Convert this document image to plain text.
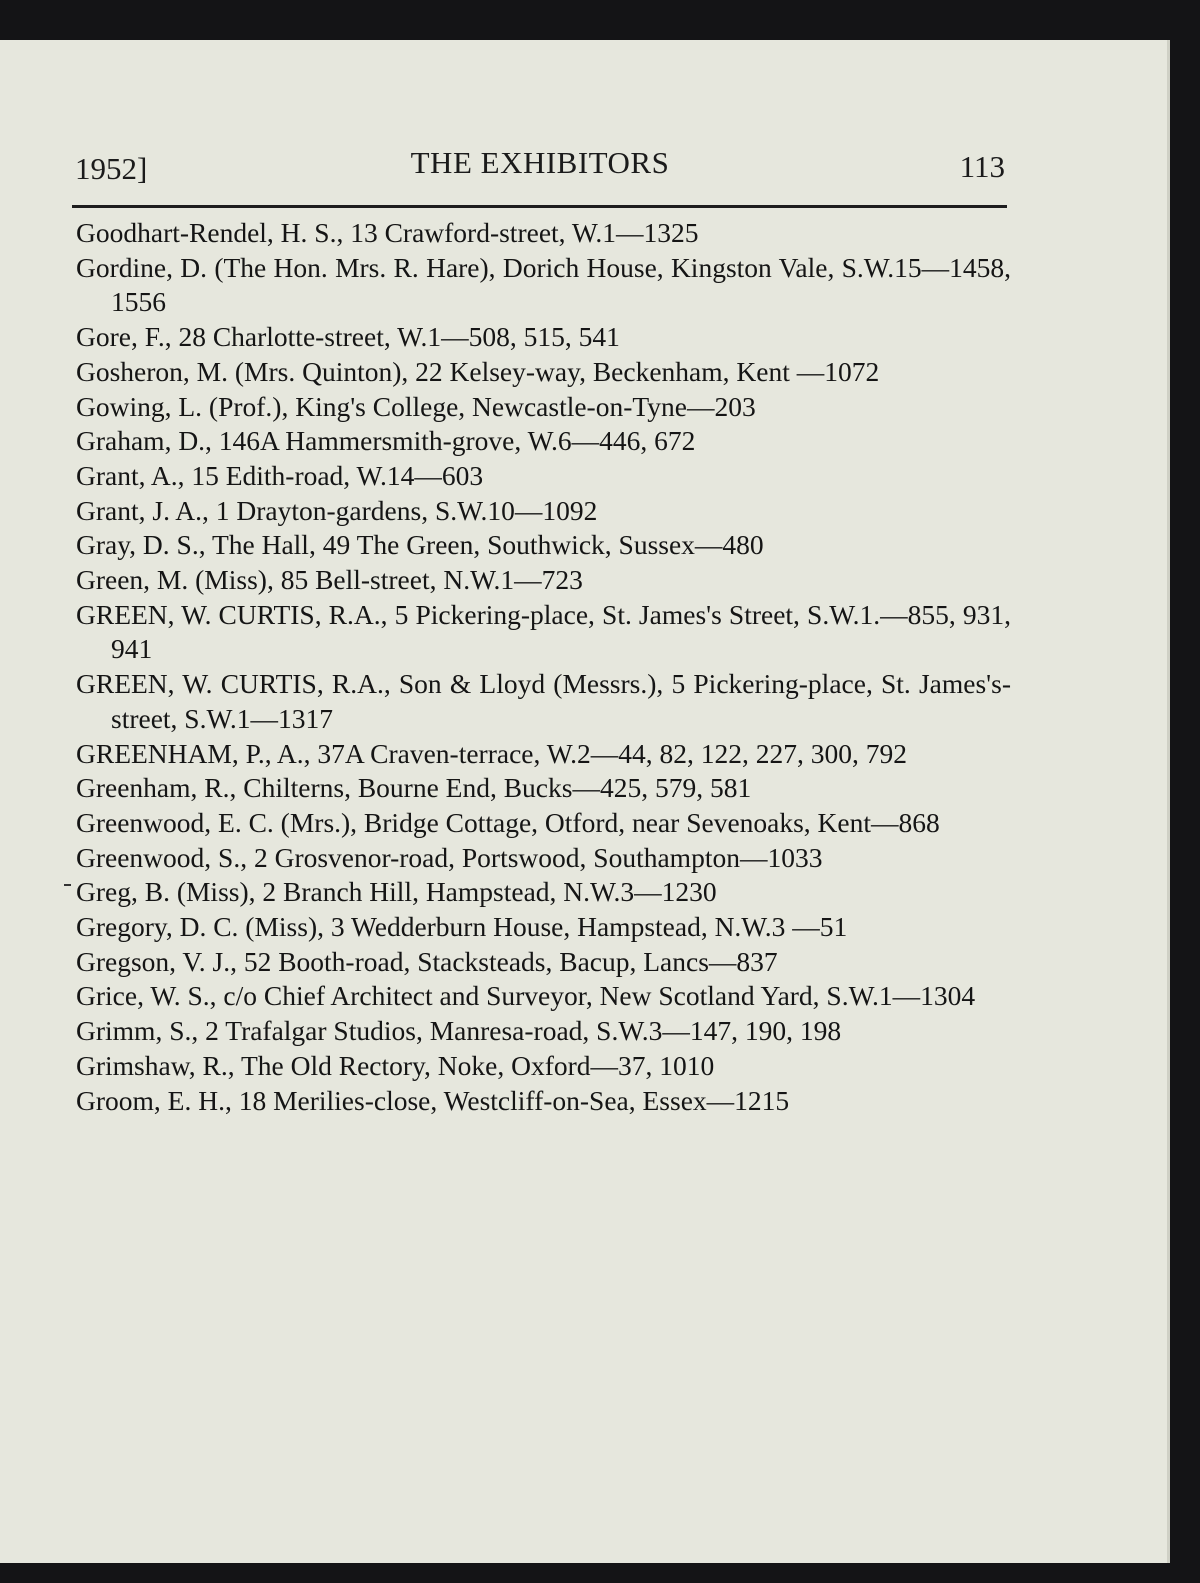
1952]	THE EXHIBITORS	113
Goodhart-Rendel, H. S., 13 Crawford-street, W.1—1325
Gordine, D. (The Hon. Mrs. R. Hare), Dorich House, Kingston Vale, S.W.15—1458, 1556
Gore, F., 28 Charlotte-street, W.1—508, 515, 541
Gosheron, M. (Mrs. Quinton), 22 Kelsey-way, Beckenham, Kent —1072
Gowing, L. (Prof.), King's College, Newcastle-on-Tyne—203
Graham, D., 146A Hammersmith-grove, W.6—446, 672
Grant, A., 15 Edith-road, W.14—603
Grant, J. A., 1 Drayton-gardens, S.W.10—1092
Gray, D. S., The Hall, 49 The Green, Southwick, Sussex—480
Green, M. (Miss), 85 Bell-street, N.W.1—723
GREEN, W. CURTIS, R.A., 5 Pickering-place, St. James's Street, S.W.1.—855, 931, 941
GREEN, W. CURTIS, R.A., Son & Lloyd (Messrs.), 5 Pickering-place, St. James's-street, S.W.1—1317
GREENHAM, P., A., 37A Craven-terrace, W.2—44, 82, 122, 227, 300, 792
Greenham, R., Chilterns, Bourne End, Bucks—425, 579, 581
Greenwood, E. C. (Mrs.), Bridge Cottage, Otford, near Sevenoaks, Kent—868
Greenwood, S., 2 Grosvenor-road, Portswood, Southampton—1033
Greg, B. (Miss), 2 Branch Hill, Hampstead, N.W.3—1230
Gregory, D. C. (Miss), 3 Wedderburn House, Hampstead, N.W.3 —51
Gregson, V. J., 52 Booth-road, Stacksteads, Bacup, Lancs—837
Grice, W. S., c/o Chief Architect and Surveyor, New Scotland Yard, S.W.1—1304
Grimm, S., 2 Trafalgar Studios, Manresa-road, S.W.3—147, 190, 198
Grimshaw, R., The Old Rectory, Noke, Oxford—37, 1010
Groom, E. H., 18 Merilies-close, Westcliff-on-Sea, Essex—1215
